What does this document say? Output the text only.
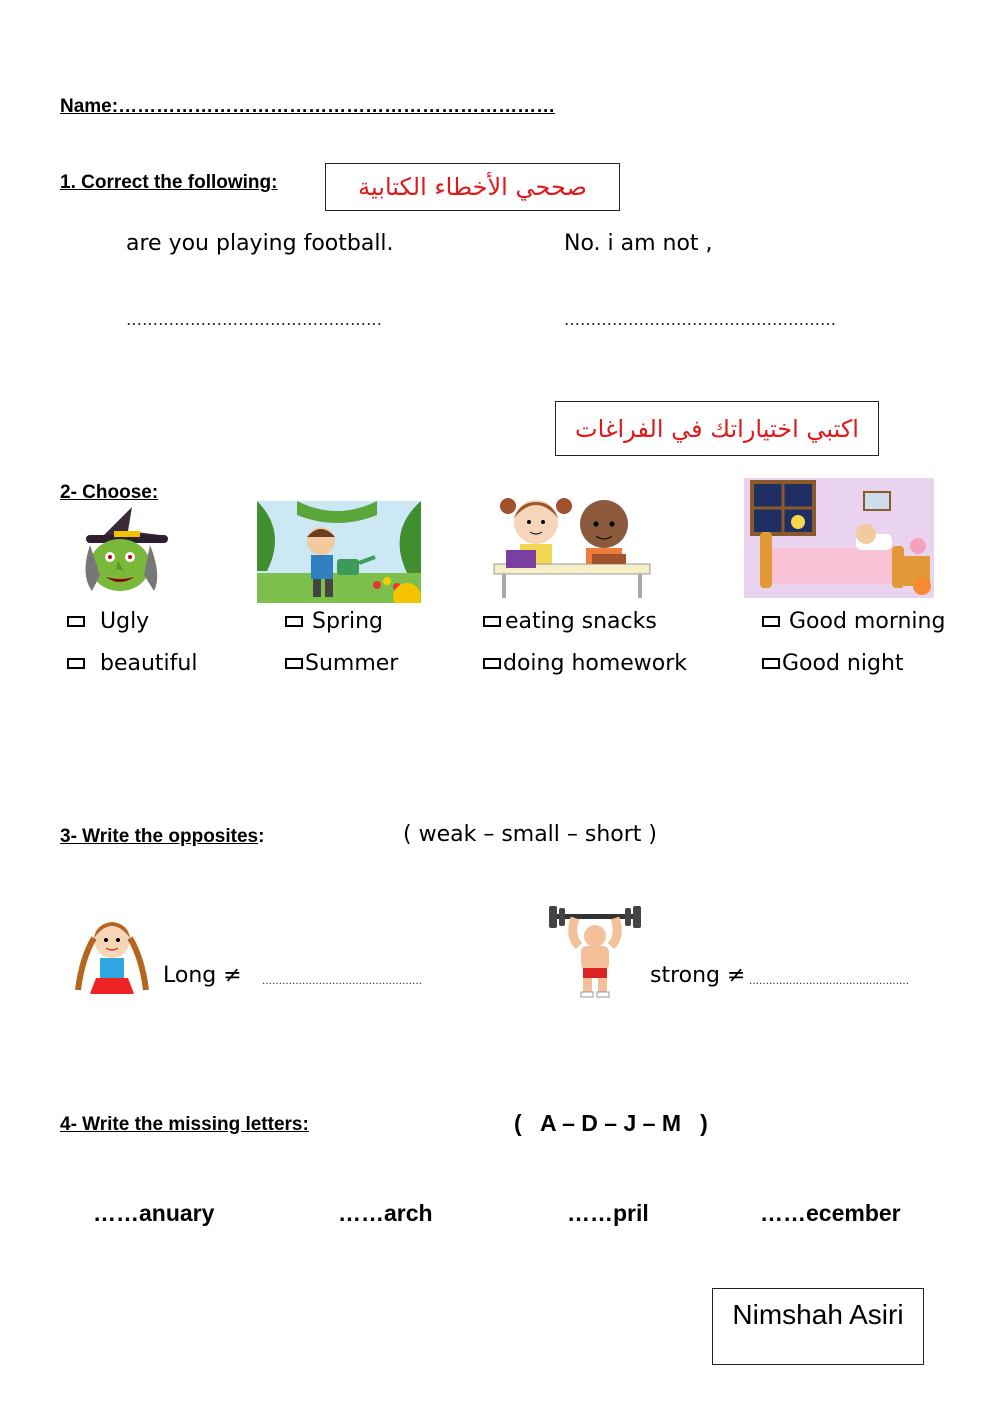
Name:……………………………………………………………
1. Correct the following:	صححي الأخطاء الكتابية
are you playing football.	No. i am not ,
…………………………………………	……………………………………………
اكتبي اختياراتك في الفراغات
2- Choose:
Ugly
beautiful
Spring
Summer
eating snacks
doing homework
Good morning
Good night
3- Write the opposites:	( weak – small – short )
Long ≠ …………………………………………	strong ≠ …………………………………………
4- Write the missing letters:	(   A – D – J – M   )
……anuary	……arch	……pril	……ecember
Nimshah Asiri
